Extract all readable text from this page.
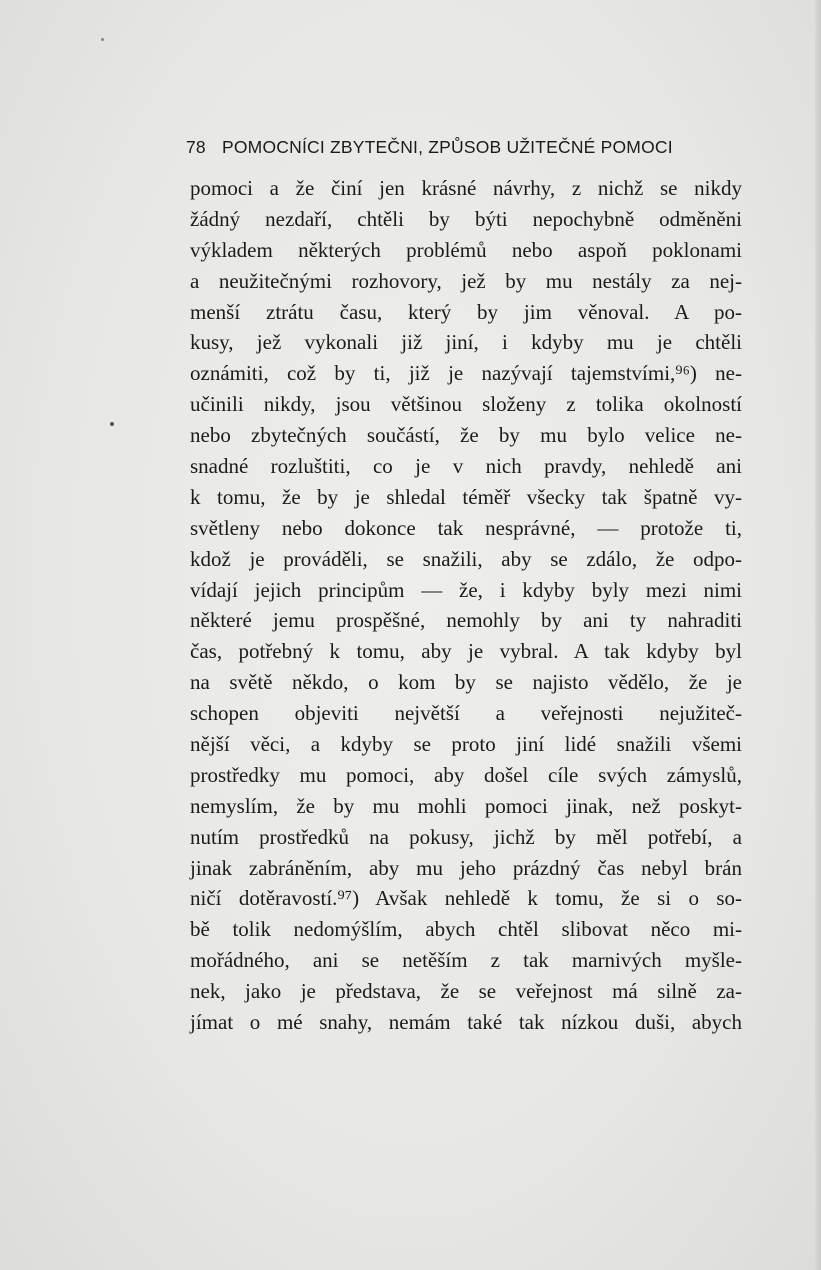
78 POMOCNÍCI ZBYTEČNI, ZPŮSOB UŽITEČNÉ POMOCI
pomoci a že činí jen krásné návrhy, z nichž se nikdy
žádný nezdaří, chtěli by býti nepochybně odměněni
výkladem některých problémů nebo aspoň poklonami
a neužitečnými rozhovory, jež by mu nestály za nej-
menší ztrátu času, který by jim věnoval. A po-
kusy, jež vykonali již jiní, i kdyby mu je chtěli
oznámiti, což by ti, již je nazývají tajemstvími,⁹⁶) ne-
učinili nikdy, jsou většinou složeny z tolika okolností
nebo zbytečných součástí, že by mu bylo velice ne-
snadné rozluštiti, co je v nich pravdy, nehledě ani
k tomu, že by je shledal téměř všecky tak špatně vy-
světleny nebo dokonce tak nesprávné, — protože ti,
kdož je prováděli, se snažili, aby se zdálo, že odpo-
vídají jejich principům — že, i kdyby byly mezi nimi
některé jemu prospěšné, nemohly by ani ty nahraditi
čas, potřebný k tomu, aby je vybral. A tak kdyby byl
na světě někdo, o kom by se najisto vědělo, že je
schopen objeviti největší a veřejnosti nejužiteč-
nější věci, a kdyby se proto jiní lidé snažili všemi
prostředky mu pomoci, aby došel cíle svých zámyslů,
nemyslím, že by mu mohli pomoci jinak, než poskyt-
nutím prostředků na pokusy, jichž by měl potřebí, a
jinak zabráněním, aby mu jeho prázdný čas nebyl brán
ničí dotěravostí.⁹⁷) Avšak nehledě k tomu, že si o so-
bě tolik nedomýšlím, abych chtěl slibovat něco mi-
mořádného, ani se netěším z tak marnivých myšle-
nek, jako je představa, že se veřejnost má silně za-
jímat o mé snahy, nemám také tak nízkou duši, abych
